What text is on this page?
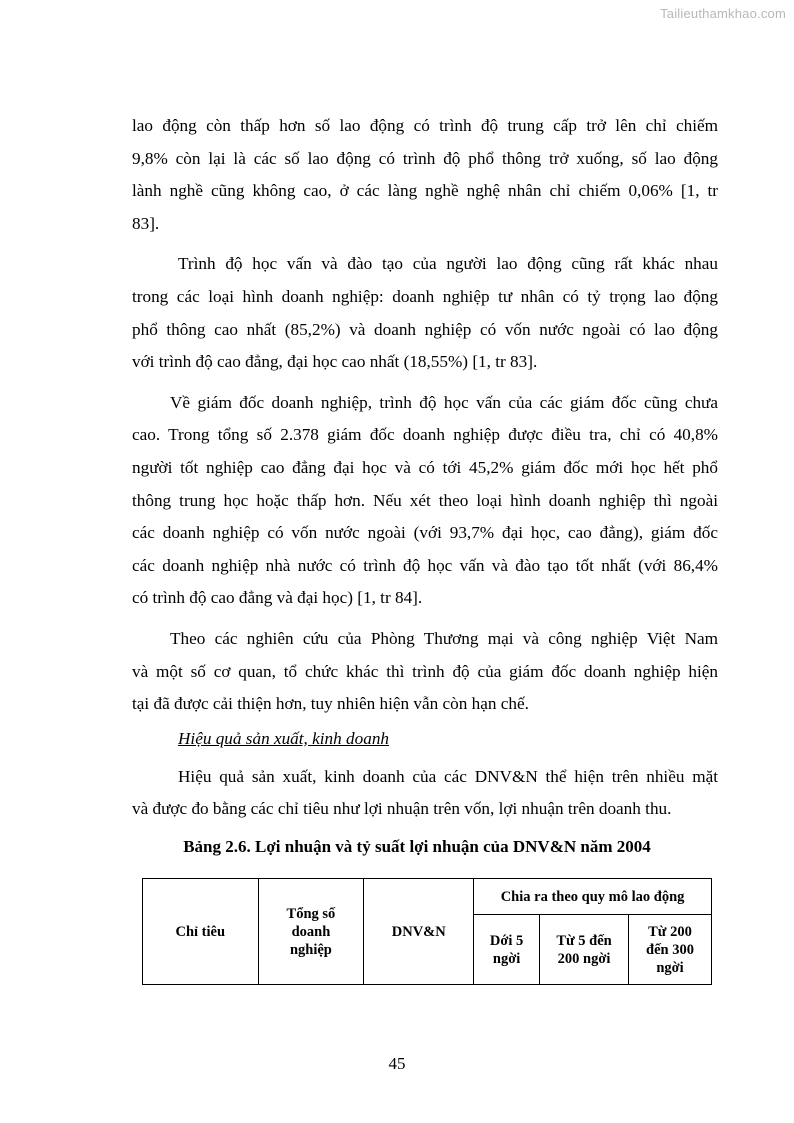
Tailieuthamkhao.com

lao động còn thấp hơn số lao động có trình độ trung cấp trở lên chỉ chiếm
9,8% còn lại là các số lao động có trình độ phổ thông trở xuống, số lao động
lành nghề cũng không cao, ở các làng nghề nghệ nhân chỉ chiếm 0,06% [1, tr
83].

Trình độ học vấn và đào tạo của người lao động cũng rất khác nhau
trong các loại hình doanh nghiệp: doanh nghiệp tư nhân có tỷ trọng lao động
phổ thông cao nhất (85,2%) và doanh nghiệp có vốn nước ngoài có lao động
với trình độ cao đẳng, đại học cao nhất (18,55%) [1, tr 83].

Về giám đốc doanh nghiệp, trình độ học vấn của các giám đốc cũng chưa
cao. Trong tổng số 2.378 giám đốc doanh nghiệp được điều tra, chỉ có 40,8%
người tốt nghiệp cao đẳng đại học và có tới 45,2% giám đốc mới học hết phổ
thông trung học hoặc thấp hơn. Nếu xét theo loại hình doanh nghiệp thì ngoài
các doanh nghiệp có vốn nước ngoài (với 93,7% đại học, cao đẳng), giám đốc
các doanh nghiệp nhà nước có trình độ học vấn và đào tạo tốt nhất (với 86,4%
có trình độ cao đẳng và đại học) [1, tr 84].

Theo các nghiên cứu của Phòng Thương mại và công nghiệp Việt Nam
và một số cơ quan, tổ chức khác thì trình độ của giám đốc doanh nghiệp hiện
tại đã được cải thiện hơn, tuy nhiên hiện vẫn còn hạn chế.

Hiệu quả sản xuất, kinh doanh

Hiệu quả sản xuất, kinh doanh của các DNV&N thể hiện trên nhiều mặt
và được đo bằng các chỉ tiêu như lợi nhuận trên vốn, lợi nhuận trên doanh thu.

Bảng 2.6. Lợi nhuận và tỷ suất lợi nhuận của DNV&N năm 2004
Chỉ tiêu	Tổng số doanh nghiệp	DNV&N	Chia ra theo quy mô lao động		
			Dới 5 ngời	Từ 5 đến 200 ngời	Từ 200 đến 300 ngời
45
